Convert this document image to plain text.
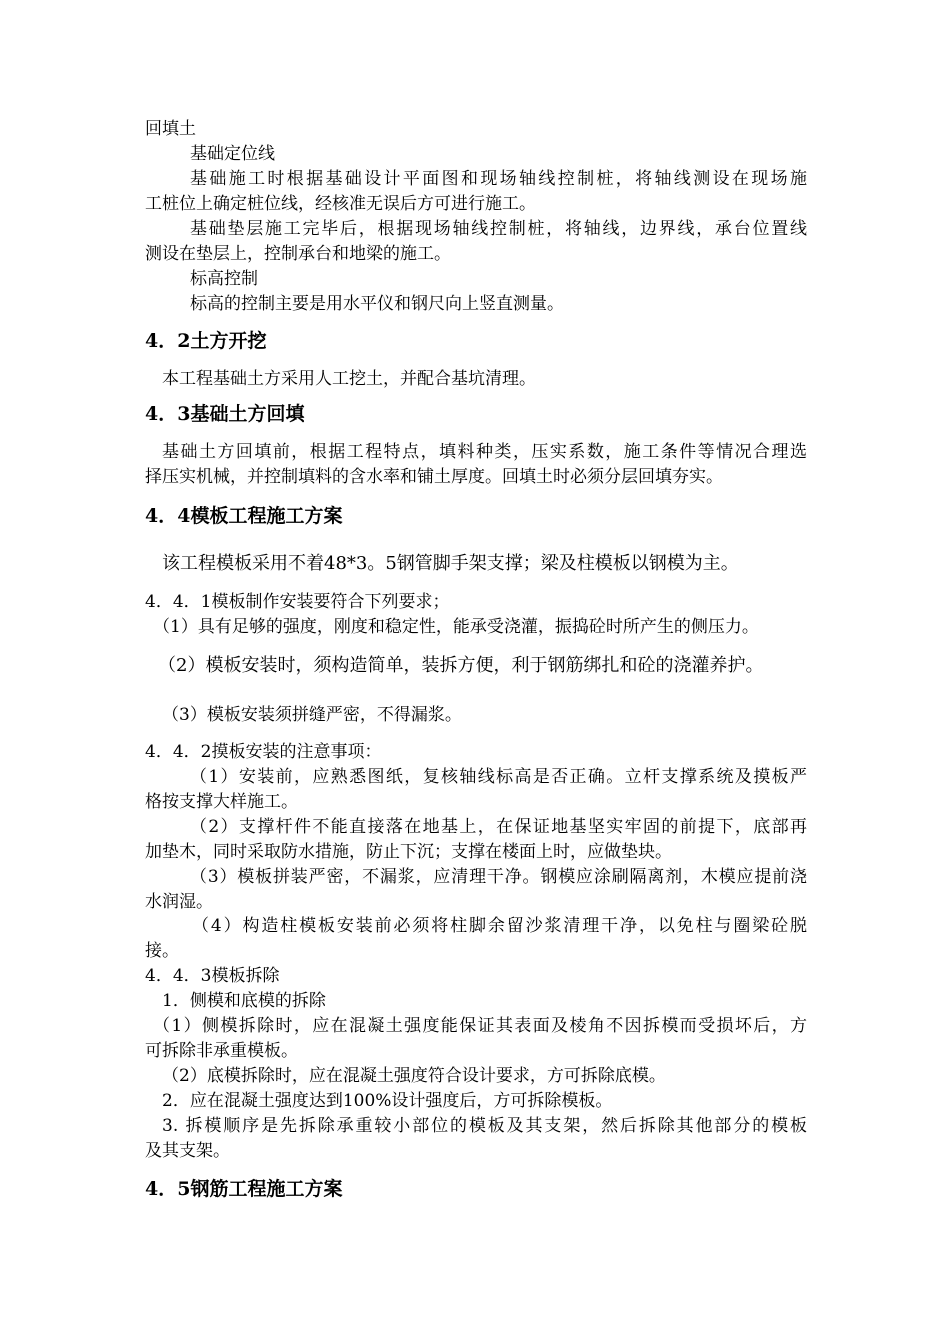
回填土
基础定位线
基础施工时根据基础设计平面图和现场轴线控制桩，将轴线测设在现场施
工桩位上确定桩位线，经核准无误后方可进行施工。
基础垫层施工完毕后，根据现场轴线控制桩，将轴线，边界线，承台位置线
测设在垫层上，控制承台和地梁的施工。
标高控制
标高的控制主要是用水平仪和钢尺向上竖直测量。
4．2土方开挖
本工程基础土方采用人工挖土，并配合基坑清理。
4．3基础土方回填
基础土方回填前，根据工程特点，填料种类，压实系数，施工条件等情况合理选
择压实机械，并控制填料的含水率和铺土厚度。回填土时必须分层回填夯实。
4．4模板工程施工方案
该工程模板采用不着48*3。5钢管脚手架支撑；梁及柱模板以钢模为主。
4．4．1模板制作安装要符合下列要求；
（1）具有足够的强度，刚度和稳定性，能承受浇灌，振捣砼时所产生的侧压力。
（2）模板安装时，须构造简单，装拆方便，利于钢筋绑扎和砼的浇灌养护。
（3）模板安装须拼缝严密，不得漏浆。
4．4．2摸板安装的注意事项：
（1）安装前，应熟悉图纸，复核轴线标高是否正确。立杆支撑系统及摸板严
格按支撑大样施工。
（2）支撑杆件不能直接落在地基上，在保证地基坚实牢固的前提下，底部再
加垫木，同时采取防水措施，防止下沉；支撑在楼面上时，应做垫块。
（3）模板拼装严密，不漏浆，应清理干净。钢模应涂刷隔离剂，木模应提前浇
水润湿。
（4）构造柱模板安装前必须将柱脚余留沙浆清理干净，以免柱与圈梁砼脱
接。
4．4．3模板拆除
1．侧模和底模的拆除
（1）侧模拆除时，应在混凝土强度能保证其表面及棱角不因拆模而受损坏后，方
可拆除非承重模板。
（2）底模拆除时，应在混凝土强度符合设计要求，方可拆除底模。
2．应在混凝土强度达到100%设计强度后，方可拆除模板。
3. 拆模顺序是先拆除承重较小部位的模板及其支架，然后拆除其他部分的模板
及其支架。
4．5钢筋工程施工方案
